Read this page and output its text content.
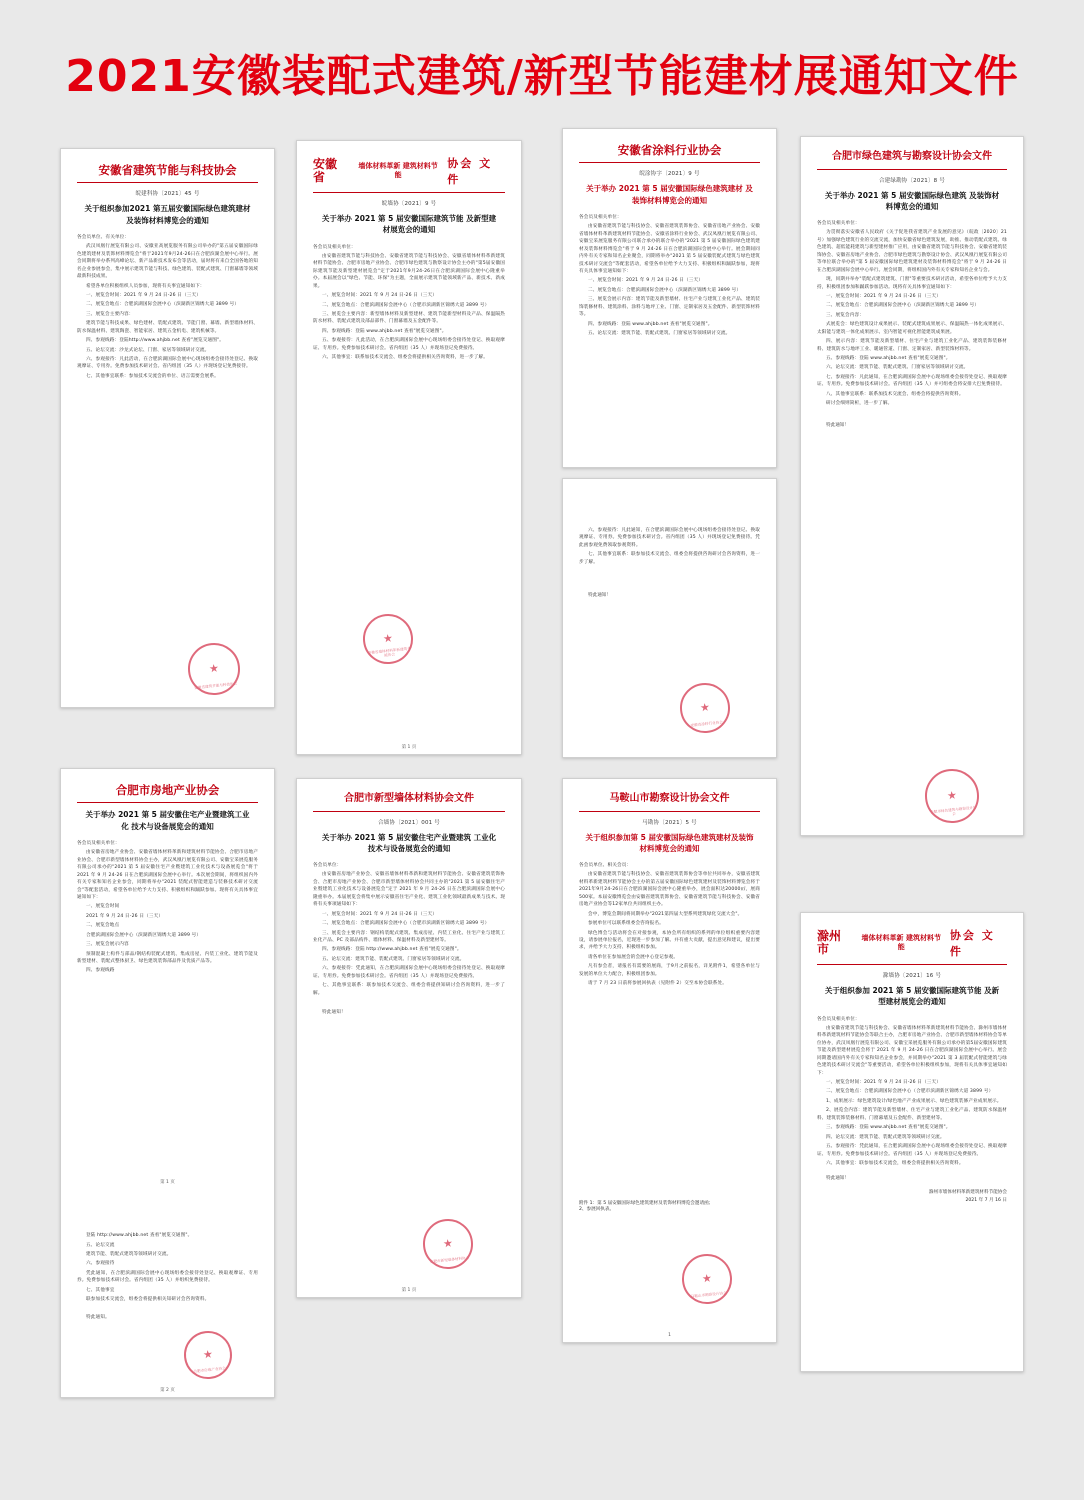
2021安徽装配式建筑/新型节能建材展通知文件
安徽省建筑节能与科技协会
皖建科协〔2021〕45 号
关于组织参加2021 第五届安徽国际绿色建筑建材 及装饰材料博览会的通知

各会员单位、有关单位：

武汉凤凰行展览有限公司、安徽亚高展览服务有限公司举办的"第五届安徽国际绿色建筑建材及装饰材料博览会"将于2021年9月24-26日在合肥滨湖会展中心举行。展会同期将举办系列高峰论坛、新产品新技术发布会等活动，届时将有来自全国各地的知名企业参展参会，集中展示建筑节能与科技、绿色建筑、装配式建筑、门窗幕墙等领域最新科技成果。

希望各单位积极组织人员参加，现将有关事宜通知如下：

一、展览会时间：2021 年 9 月 24 日-26 日（三天）

二、展览会地点：合肥滨湖国际会展中心（滨湖新区锦绣大道 3899 号）

三、展览会主要内容：

建筑节能与科技成果、绿色建材、装配式建筑、节能门窗、幕墙、新型墙体材料、防水保温材料、建筑陶瓷、智能家居、建筑五金机电、建筑机械等。

四、参观线路：登陆http://www.ahjbb.net 查看"展览交通图"。

五、论坛交流：沙龙式论坛、门窗、家居等领域研讨交流。

六、参观接待：凡此活动，在合肥滨湖国际会展中心现场组委会接待处登记、换取观摩证、专用券。免费参加技术研讨会。省内组团（35 人）并现场登记免费接待。

七、其他事宜联系：参加技术交流会的单位、语言需要会展系。

★ 安徽省建筑节能与科技协会
安徽省
墙体材料革新 建筑材料节能
协会 文件
皖墙协〔2021〕9 号
关于举办 2021 第 5 届安徽国际建筑节能 及新型建材展览会的通知

各会员及相关单位：

由安徽省建筑节能与科技协会、安徽省建筑节能与科技协会、安徽省墙体材料革新建筑材料节能协会、合肥市房地产业协会、合肥市绿色建筑与勘察设计协会主办的"第5届安徽国际建筑节能及新型建材展览会"定于2021年9月24-26日在合肥滨湖国际会展中心隆重举办。本届展会以"绿色、节能、环保"为主题，全面展示建筑节能领域新产品、新技术、新成果。

一、展览会时间：2021 年 9 月 24 日-26 日（三天）

二、展览会地点：合肥滨湖国际会展中心（合肥市滨湖新区锦绣大道 3899 号）

三、展览会主要内容：新型墙体材料及新型建材、建筑节能新型材料及产品、保温隔热防水材料、装配式建筑及部品部件、门窗幕墙及五金配件等。

四、参观线路：登陆 www.ahjbb.net 查看"展览交通图"。

五、参观接待：凡此活动，在合肥滨湖国际会展中心现场组委会接待处登记、换取观摩证、专用券。免费参加技术研讨会。省内组团（35 人）并现场登记免费接待。

六、其他事宜：联系加技术交流会、组委会将提供相关咨询资料，进一步了解。

★ 安徽省墙体材料革新建筑节能协会
第 1 页
安徽省涂料行业协会
皖涂协字〔2021〕9 号
关于举办 2021 第 5 届安徽国际绿色建筑建材 及装饰材料博览会的通知

各会员及相关单位：

由安徽省建筑节能与科技协会、安徽省建筑装饰协会、安徽省房地产业协会、安徽省墙体材料革新建筑材料节能协会、安徽省涂料行业协会、武汉凤凰行展览有限公司、安徽宝采展览服务有限公司联合承办的联合举办的"2021 第 5 届安徽国际绿色建筑建材及装饰材料博览会"将于 9 月 24-26 日在合肥滨湖国际会展中心举行。展会期间同内外有关专家和知名企业聚会，同期将举办"2021 第 5 届安徽装配式建筑与绿色建筑技术研讨交流会"等配套活动，希望各单位给予大力支持、积极组织和踊跃参加，现将有关具体事宜通知如下：

一、展览会时间：2021 年 9 月 24 日-26 日（三天）

二、展览会地点：合肥滨湖国际会展中心（滨湖新区锦绣大道 3899 号）

三、展览会展示内容：建筑节能及新型墙材、住宅产业与建筑工业化产品、建筑装饰装修材料、建筑涂料、涂料与地坪工业、门窗、定制家居及五金配件、新型装饰材料等。

四、参观线路：登陆 www.ahjbb.net 查看"展览交通图"。

五、论坛交流：建筑节能、装配式建筑、门窗家居等领域研讨交流。

六、参观接待：凡此通知，在合肥滨湖国际会展中心现场组委会接待处登记、换取观摩证、专用券。免费参加技术研讨会。省内组团（35 人）并现场登记免费接待。凭此函参观免费领取参观资料。

七、其他事宜联系：联参加技术交流会、组委会将提供咨询研讨会咨询资料，进一步了解。

特此通知！
★ 安徽省涂料行业协会
合肥市绿色建筑与勘察设计协会文件
合建绿勘协〔2021〕8 号
关于举办 2021 第 5 届安徽国际绿色建筑 及装饰材料博览会的通知

各会员及相关单位：

为贯彻落实安徽省人民政府《关于促进我省建筑产业发展的意见》（皖政〔2020〕21 号）加强绿色建筑行业的交流交流，加快安徽省绿色建筑发展，助推、推动装配式建筑、绿色建筑、超低能耗建筑与新型建材推广应用，由安徽省建筑节能与科技协会、安徽省建筑装饰协会、安徽省房地产业协会、合肥市绿色建筑与勘察设计协会、武汉凤凰行展览有限公司等单位联合举办的"第 5 届安徽国际绿色建筑建材及装饰材料博览会"将于 9 月 24-26 日在合肥滨湖国际会展中心举行。展会同期，将组织国内外有关专家和知名企业与会。

现，同期并举办"装配式建筑建筑、门窗"等重要技术研讨活动，希望各单位给予大力支持，积极组团参加和踊跃参加活动。现将有关具体事宜通知如下：

一、展览会时间：2021 年 9 月 24 日-26 日（三天）

二、展览会地点：合肥滨湖国际会展中心（滨湖新区锦绣大道 3899 号）

三、展览会内容：

式展览会：绿色建筑设计成果展示、装配式建筑成果展示、保温隔热一体化成果展示、太阳能与建筑一体化成果展示、室内智能可视化智能建筑成果展。

四、展示内容：建筑节能及新型墙材、住宅产业与建筑工业化产品、建筑装饰装修材料、建筑防水与地坪工业、暖通管道、门窗、定制家居、新型装饰材料等。

五、参观线路：登陆 www.ahjbb.net 查看"展览交通图"。

六、论坛交流：建筑节能、装配式建筑、门窗家居等领域研讨交流。

七、参观接待：凡此通知，在合肥滨湖国际会展中心现场组委会接待处登记、换取观摩证、专用券。免费参加技术研讨会。省内组团（35 人）并可组委会将安排大巴免费接待。

八、其他事宜联系：联系加技术交流会、组委会将提供咨询资料。

研讨会细则简析，进一步了解。

特此通知！
★ 合肥市绿色建筑与勘察设计协会
合肥市房地产业协会
关于举办 2021 第 5 届安徽住宅产业暨建筑工业化 技术与设备展览会的通知

各会员及相关单位：

由安徽省房地产业协会、安徽省墙体材料革新和建筑材料节能协会、合肥市房地产业协会、合肥市新型墙体材料协会主办，武汉凤凰行展览有限公司、安徽宝采展览服务有限公司承办的"2021 第 5 届安徽住宅产业暨建筑工业化技术与设备展览会"将于 2021 年 9 月 24-26 日在合肥滨湖国际会展中心举行。本次展会期间，将组织国内外有关专家和知名企业参会，同期将举办"2021 装配式智能建造与装修技术研讨交流会"等配套活动，希望各单位给予大力支持、积极组织和踊跃参加。现将有关具体事宜通知如下：

一、展览会时间

2021 年 9 月 24 日-26 日（三天）

二、展览会地点

合肥滨湖国际会展中心（滨湖新区锦绣大道 3899 号）

三、展览会展示内容

预制混凝土构件与部品/钢结构装配式建筑、集成房屋、内装工业化、建筑节能及新型建材、装配式整体厨卫、绿色建筑装饰部品件及优质产品等。

四、参观线路

第 1 页

登陆 http://www.ahjbb.net 查看"展览交通图"。

五、论坛交流

建筑节能、装配式建筑等领域研讨交流。

六、参观接待

凭此通知，在合肥滨湖国际会展中心现场组委会接待处登记、换取观摩证、专用券。免费参加技术研讨会。省内组团（35 人）并组织免费接待。

七、其他事宜

联参加技术交流会，组委会将提供相关知研讨会咨询资料。

特此通知。

★ 合肥市房地产业协会
第 2 页
合肥市新型墙体材料协会文件
合墙协〔2021〕001 号
关于举办 2021 第 5 届安徽住宅产业暨建筑 工业化技术与设备展览会的通知

各会员单位：

由安徽省房地产业协会、安徽省墙体材料革新和建筑材料节能协会、安徽省建筑装饰协会、合肥市房地产业协会、合肥市新型墙体材料协会共同主办的"2021 第 5 届安徽住宅产业暨建筑工业化技术与设备展览会"定于 2021 年 9 月 24-26 日在合肥滨湖国际会展中心隆重举办。本届展览会将集中展示安徽省住宅产业化、建筑工业化领域最新成果与技术。现将有关事项通知如下：

一、展览会时间：2021 年 9 月 24 日-26 日（三天）

二、展览会地点：合肥滨湖国际会展中心（合肥市滨湖新区锦绣大道 3899 号）

三、展览会主要内容：钢结构装配式建筑、集成房屋、内装工业化、住宅产业与建筑工业化产品、PC 及部品构件、墙体材料、保温材料及新型建材等。

四、参观线路：登陆 http://www.ahjbb.net 查看"展览交通图"。

五、论坛交流：建筑节能、装配式建筑、门窗家居等领域研讨交流。

六、参观接待：凭此通知，在合肥滨湖国际会展中心现场组委会接待处登记、换取观摩证、专用券。免费参加技术研讨会。省内组团（35 人）并现场登记免费接待。

七、其他事宜联系：联参加技术交流会、组委会将提供知研讨会咨询资料，进一步了解。

特此通知！

★ 合肥市新型墙体材料协会
第 1 页
马鞍山市勘察设计协会文件
马勘协〔2021〕5 号
关于组织参加第 5 届安徽国际绿色建筑建材及装饰 材料博览会的通知

各会员单位、相关会员：

由安徽省建筑节能与科技协会、安徽省建筑装饰协会等单位共同举办，安徽省建筑材料革新建筑材料节能协会主办的第五届安徽国际绿色建筑建材及装饰材料博览会将于2021年9月24-26日在合肥滨湖国际会展中心隆重举办，展会面积达20000㎡，展商500家。本届安徽博览会由安徽省建筑装饰协会、安徽省建筑节能与科技协会、安徽省房地产业协会等12家单位共同组织主办。

会中，博览会期间将同期举办"2021第四届大型系列建筑绿化交流大会"。

参展单位可以联系组委会咨询报名。

绿色博会与活动将会在对接参观，本协会所有组织的系列的单位组织重要内容建设，请参展单位报名，近现进一步参加了解。并有重大贡献，提出意见和建议，提出要求，并给予大力支持、积极组织参加。

请各单位在参加展会的会展中心登记参观。

凡有参会者，请报名有需要的展商，于9月之前报名，详见附件1，希望各单位与发展的单位大力配合，积极组团参加。

请于 7 月 23 日前将参展回执表（见附件 2）交至本协会联系处。

附件 1：第 5 届安徽国际绿色建筑建材及装饰材料博览会邀请函；
2、参展回执表。
★ 马鞍山市勘察设计协会
1
滁州市
墙体材料革新 建筑材料节能
协会 文件
滁墙协〔2021〕16 号
关于组织参加 2021 第 5 届安徽国际建筑节能 及新型建材展览会的通知

各会员及相关单位：

由安徽省建筑节能与科技协会、安徽省墙体材料革新建筑材料节能协会、滁州市墙体材料革新建筑材料节能协会等联合主办，合肥市房地产业协会、合肥市新型墙体材料协会等单位协办，武汉凤凰行展览有限公司、安徽宝采展览服务有限公司承办的第5届安徽国际建筑节能及新型建材展览会将于 2021 年 9 月 24-26 日在合肥滨湖国际会展中心举行。展会同期邀请国内外有关专家和知名企业参会，并同期举办"2021 第 3 届装配式智能建筑与绿色建筑技术研讨交流会"等重要活动，希望各单位积极组织参加，现将有关具体事宜通知如下：

一、展览会时间：2021 年 9 月 24 日-26 日（三天）

二、展览会地点：合肥滨湖国际会展中心（合肥市滨湖新区锦绣大道 3899 号）

1、成果展示：绿色建筑设计/绿色地产产业成果展示、绿色建筑装修产业成果展示。

2、展览会内容：建筑节能及新型墙材、住宅产业与建筑工业化产品、建筑防水保温材料、建筑装饰装修材料、门窗幕墙及五金配件、新型建材等。

三、参观线路：登陆 www.ahjbb.net 查看"展览交通图"。

四、论坛交流：建筑节能、装配式建筑等领域研讨交流。

五、参观接待：凭此通知，在合肥滨湖国际会展中心现场组委会接待处登记、换取观摩证、专用券。免费参加技术研讨会。省内组团（35 人）并现场登记免费接待。

六、其他事宜：联参加技术交流会，组委会将提供相关咨询资料。

特此通知！
滁州市墙体材料革新建筑材料节能协会
2021 年 7 月 16 日
